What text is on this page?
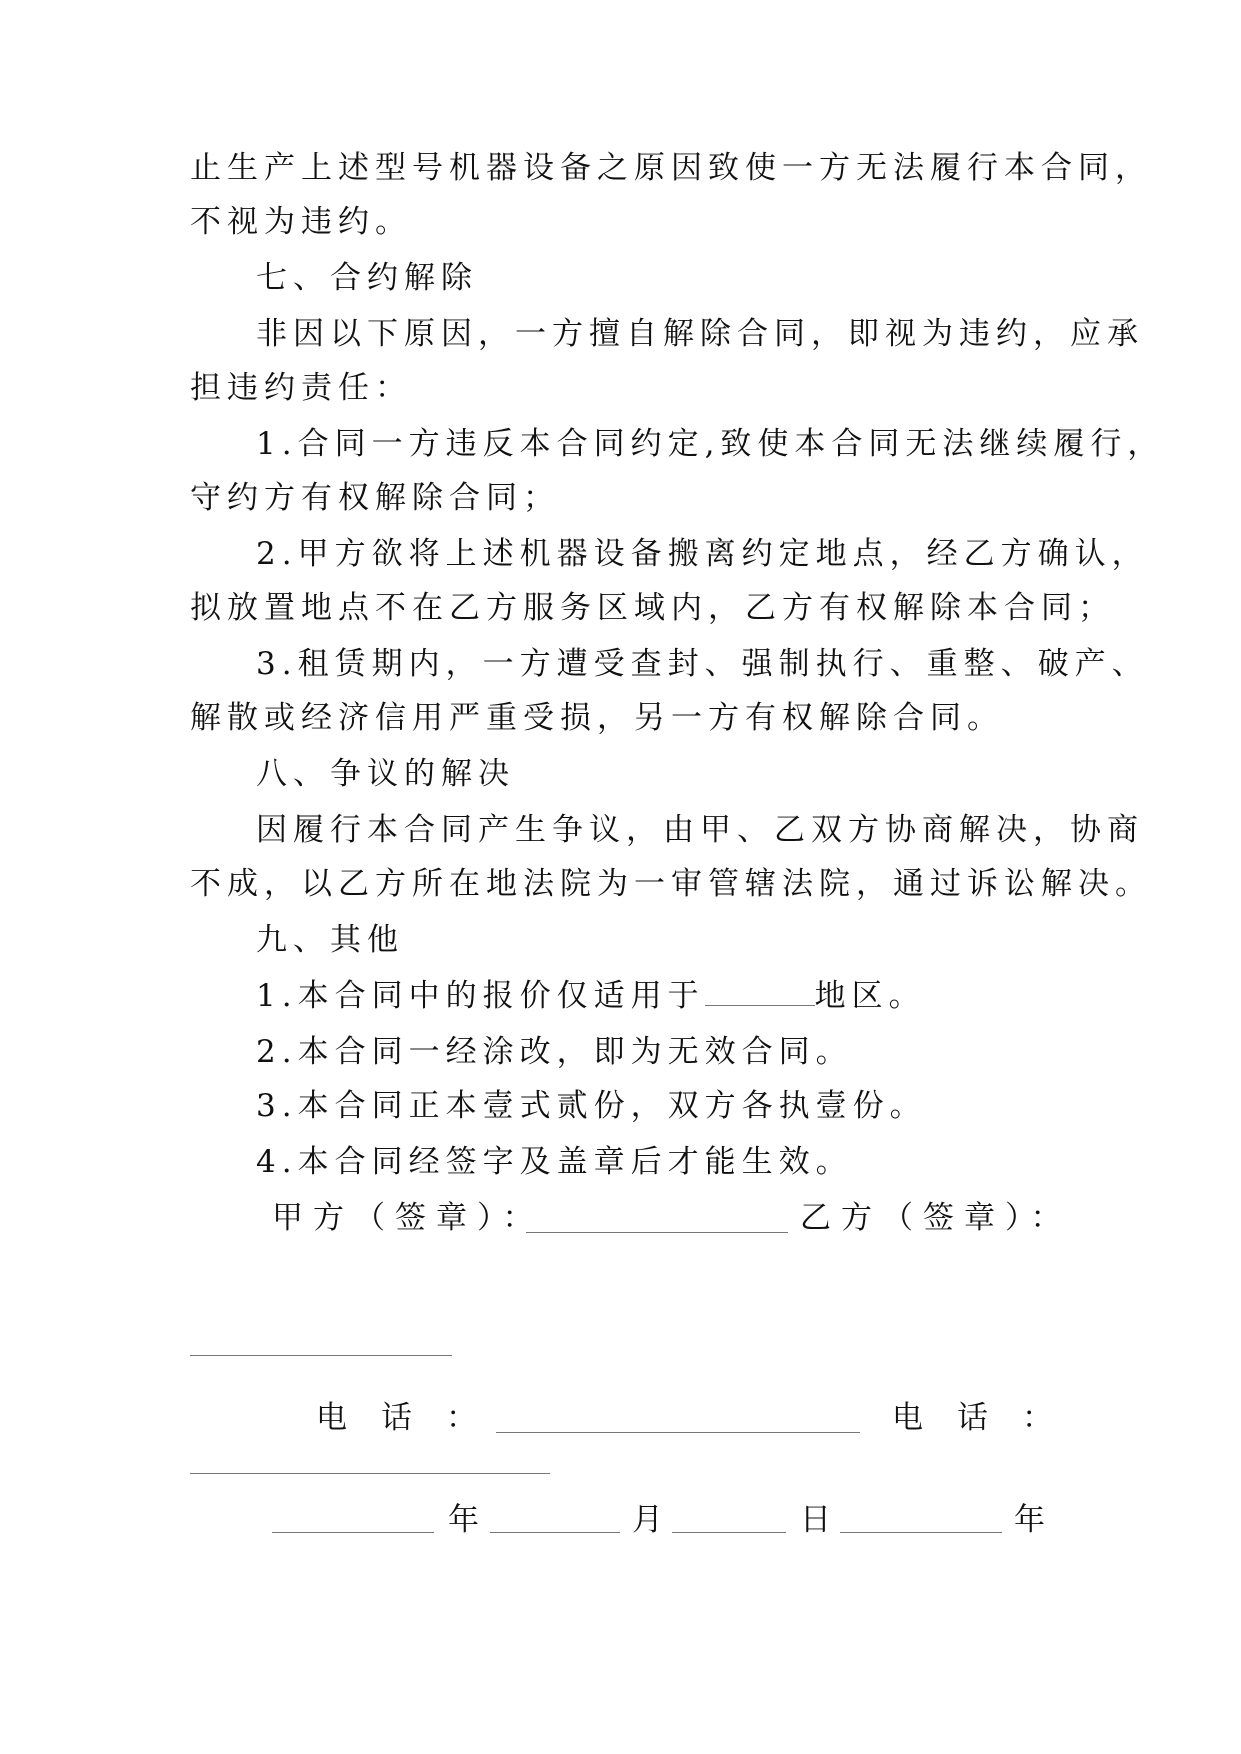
止生产上述型号机器设备之原因致使一方无法履行本合同，
不视为违约。
七、合约解除
非因以下原因，一方擅自解除合同，即视为违约，应承
担违约责任：
1.合同一方违反本合同约定,致使本合同无法继续履行，
守约方有权解除合同；
2.甲方欲将上述机器设备搬离约定地点，经乙方确认，
拟放置地点不在乙方服务区域内，乙方有权解除本合同；
3.租赁期内，一方遭受查封、强制执行、重整、破产、
解散或经济信用严重受损，另一方有权解除合同。
八、争议的解决
因履行本合同产生争议，由甲、乙双方协商解决，协商
不成，以乙方所在地法院为一审管辖法院，通过诉讼解决。
九、其他
1.本合同中的报价仅适用于	地区。
2.本合同一经涂改，即为无效合同。
3.本合同正本壹式贰份，双方各执壹份。
4.本合同经签字及盖章后才能生效。
甲方（签章）：	乙方（签章）：
电话：	电话：
年	月	日	年
